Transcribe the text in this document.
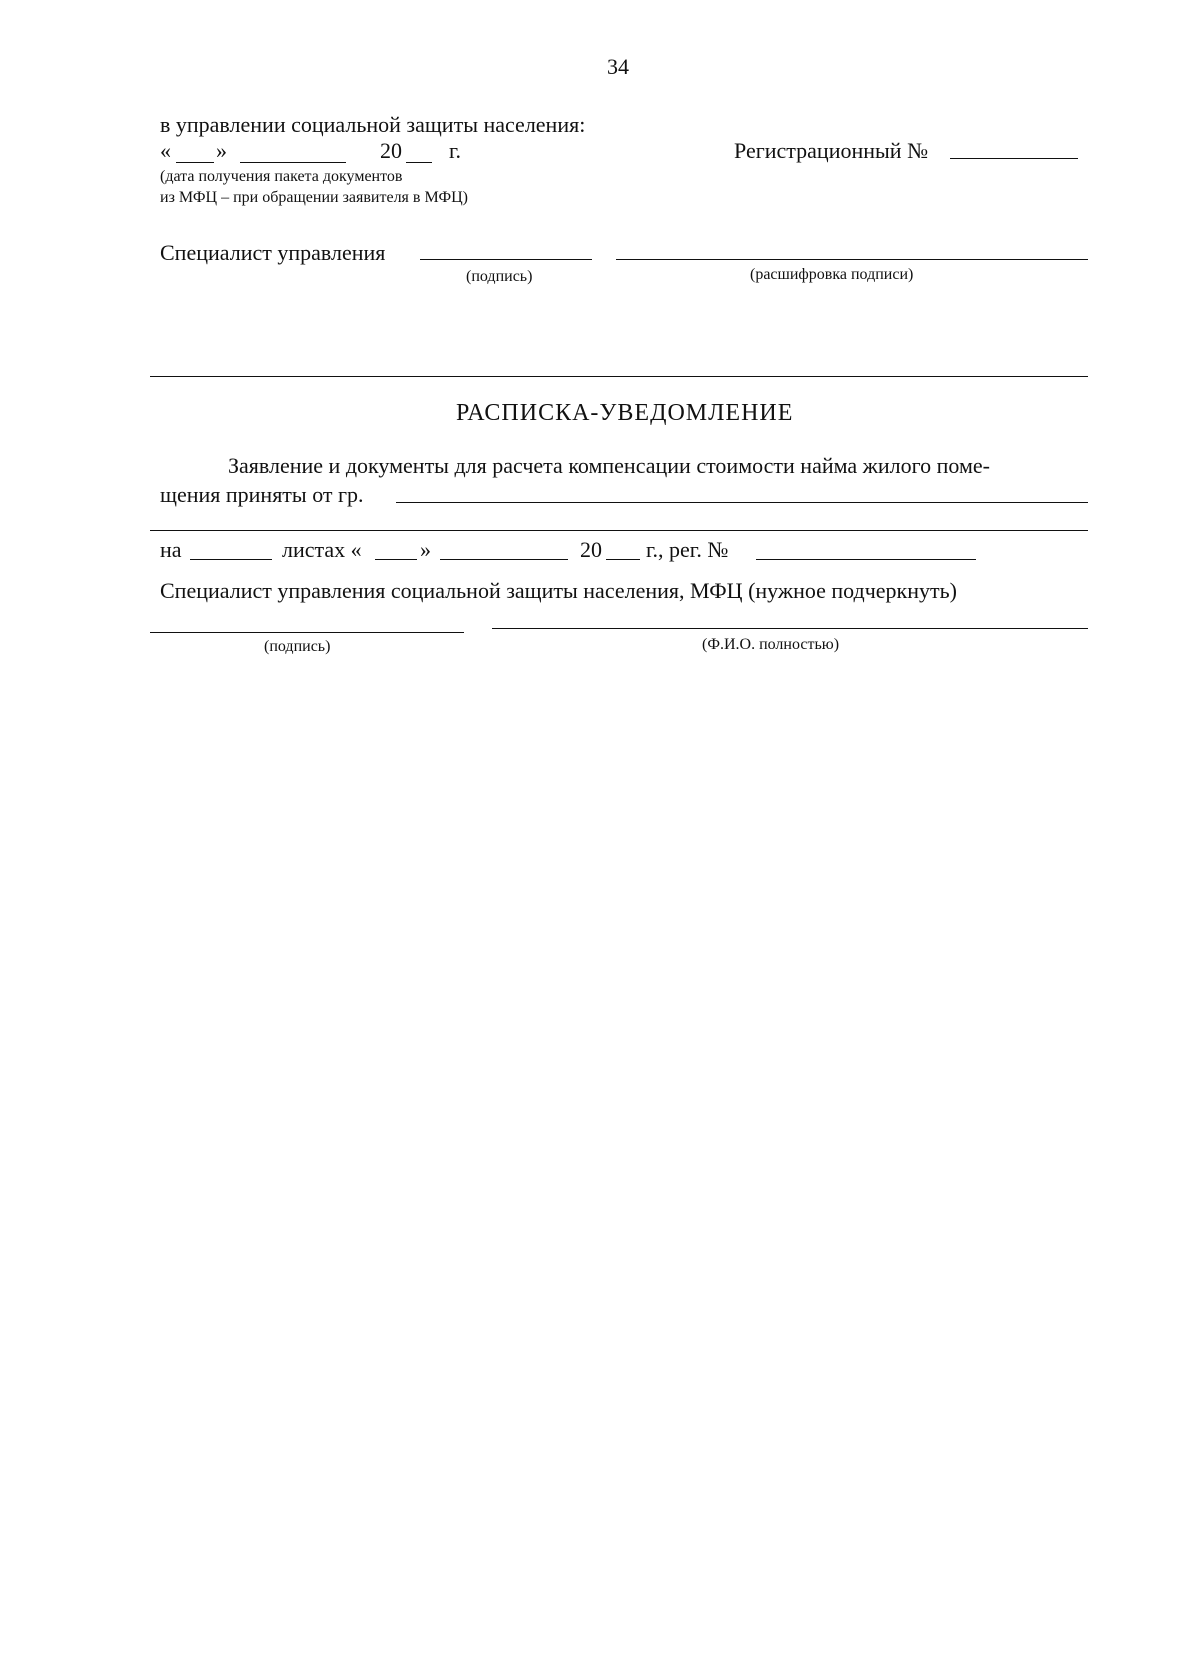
34
в управлении социальной защиты населения:
« »	20 г.
(дата получения пакета документов
из МФЦ – при обращении заявителя в МФЦ)
Регистрационный №
Специалист управления
(подпись)	(расшифровка подписи)
РАСПИСКА-УВЕДОМЛЕНИЕ
Заявление и документы для расчета компенсации стоимости найма жилого поме-
щения приняты от гр.
на	листах «	»	20 г., рег. №
Специалист управления социальной защиты населения, МФЦ (нужное подчеркнуть)
(подпись)	(Ф.И.О. полностью)
